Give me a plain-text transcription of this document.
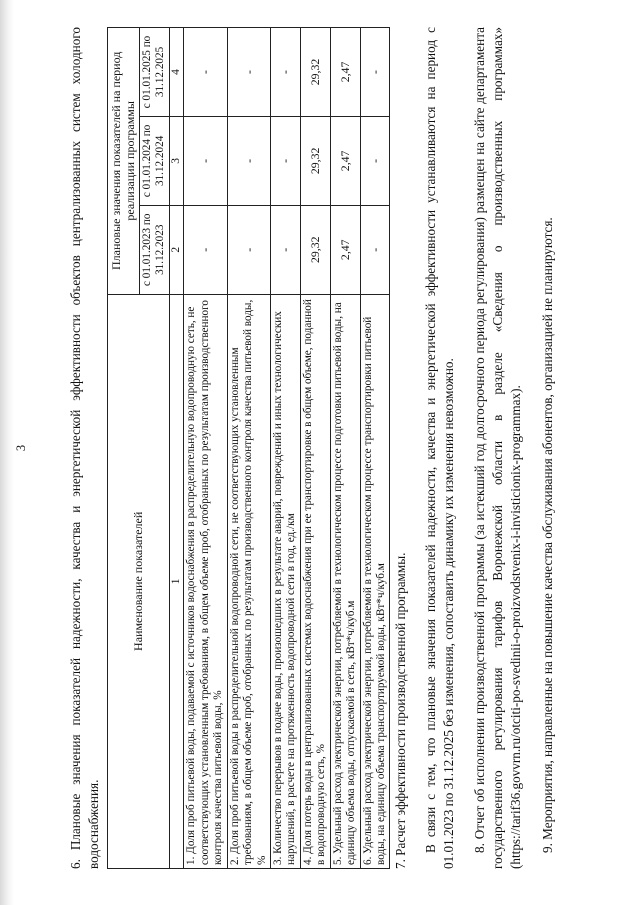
3	6. Плановые значения показателей надежности, качества и энергетической эффективности объектов централизованных систем холодного водоснабжения.
Наименование показателей	Плановые значения показателей на период реализации программы		
	с 01.01.2023 по 31.12.2023	с 01.01.2024 по 31.12.2024	с 01.01.2025 по 31.12.2025
1	2	3	4
1. Доля проб питьевой воды, подаваемой с источников водоснабжения в распределительную водопроводную сеть, не соответствующих установленным требованиям, в общем объеме проб, отобранных по результатам производственного контроля качества питьевой воды, %	-	-	-
2. Доля проб питьевой воды в распределительной водопроводной сети, не соответствующих установленным требованиям, в общем объеме проб, отобранных по результатам производственного контроля качества питьевой воды, %	-	-	-
3. Количество перерывов в подаче воды, произошедших в результате аварий, повреждений и иных технологических нарушений, в расчете на протяженность водопроводной сети в год, ед./км	-	-	-
4. Доля потерь воды в централизованных системах водоснабжения при ее транспортировке в общем объеме, поданной в водопроводную сеть, %	29,32	29,32	29,32
5. Удельный расход электрической энергии, потребляемой в технологическом процессе подготовки питьевой воды, на единицу объема воды, отпускаемой в сеть, кВт*ч/куб.м	2,47	2,47	2,47
6. Удельный расход электрической энергии, потребляемой в технологическом процессе транспортировки питьевой воды, на единицу объема транспортируемой воды, кВт*ч/куб.м	-	-	-
7. Расчет эффективности производственной программы. В связи с тем, что плановые значения показателей надежности, качества и энергетической эффективности устанавливаются на период с 01.01.2023 по 31.12.2025 без изменения, сопоставить динамику их изменения невозможно. 8. Отчет об исполнении производственной программы (за истекший год долгосрочного периода регулирования) размещен на сайте департамента государственного регулирования тарифов Воронежской области в разделе «Сведения о производственных программах» (https://tarif36.govvrn.ru/otciti-po-svedinii-o-proizvodstvenix-i-invisticionix-programmax). 9. Мероприятия, направленные на повышение качества обслуживания абонентов, организацией не планируются.
